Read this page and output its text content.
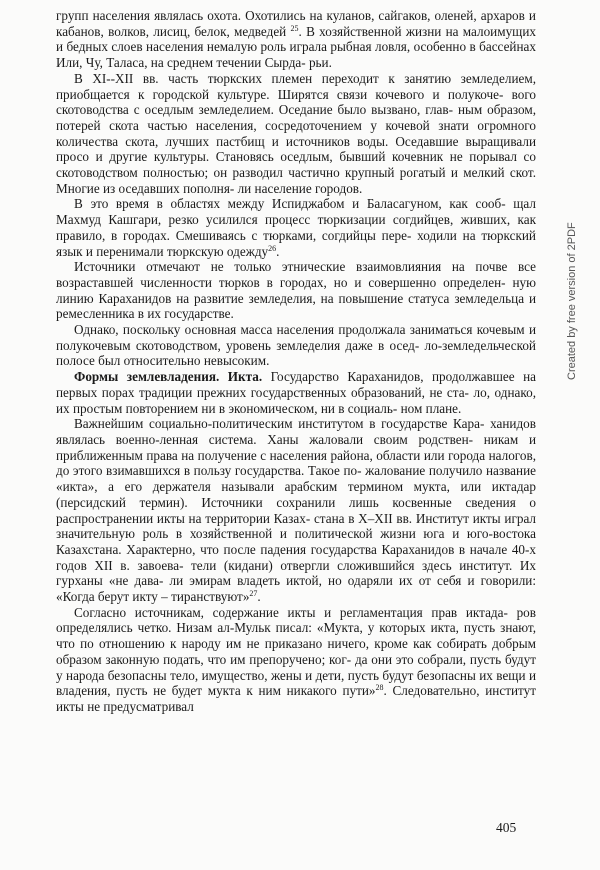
групп населения являлась охота. Охотились на куланов, сайгаков, оленей, архаров и кабанов, волков, лисиц, белок, медведей $^{25}$. В хозяйственной жизни на малоимущих и бедных слоев населения немалую роль играла рыбная ловля, особенно в бассейнах Или, Чу, Таласа, на среднем течении Сырда- рьи.

В XI--XII вв. часть тюркских племен переходит к занятию земледелием, приобщается к городской культуре. Ширятся связи кочевого и полукоче- вого скотоводства с оседлым земледелием. Оседание было вызвано, глав- ным образом, потерей скота частью населения, сосредоточением у кочевой знати огромного количества скота, лучших пастбищ и источников воды. Оседавшие выращивали просо и другие культуры. Становясь оседлым, бывший кочевник не порывал со скотоводством полностью; он разводил частично крупный рогатый и мелкий скот. Многие из оседавших пополня- ли население городов.

В это время в областях между Испиджабом и Баласагуном, как сооб- щал Махмуд Кашгари, резко усилился процесс тюркизации согдийцев, живших, как правило, в городах. Смешиваясь с тюрками, согдийцы пере- ходили на тюркский язык и перенимали тюркскую одежду$^{26}$.

Источники отмечают не только этнические взаимовлияния на почве все возраставшей численности тюрков в городах, но и совершенно определен- ную линию Караханидов на развитие земледелия, на повышение статуса земледельца и ремесленника в их государстве.

Однако, поскольку основная масса населения продолжала заниматься кочевым и полукочевым скотоводством, уровень земледелия даже в осед- ло-земледельческой полосе был относительно невысоким.

Формы землевладения. Икта. Государство Караханидов, продолжавшее на первых порах традиции прежних государственных образований, не ста- ло, однако, их простым повторением ни в экономическом, ни в социаль- ном плане.

Важнейшим социально-политическим институтом в государстве Кара- ханидов являлась военно-ленная система. Ханы жаловали своим родствен- никам и приближенным права на получение с населения района, области или города налогов, до этого взимавшихся в пользу государства. Такое по- жалование получило название «икта», а его держателя называли арабским термином мукта, или иктадар (персидский термин). Источники сохранили лишь косвенные сведения о распространении икты на территории Казах- стана в X–XII вв. Институт икты играл значительную роль в хозяйственной и политической жизни юга и юго-востока Казахстана. Характерно, что после падения государства Караханидов в начале 40-х годов XII в. завоева- тели (кидани) отвергли сложившийся здесь институт. Их гурханы «не дава- ли эмирам владеть иктой, но одаряли их от себя и говорили: «Когда берут икту – тиранствуют»$^{27}$.

Согласно источникам, содержание икты и регламентация прав иктада- ров определялись четко. Низам ал-Мульк писал: «Мукта, у которых икта, пусть знают, что по отношению к народу им не приказано ничего, кроме как собирать добрым образом законную подать, что им препоручено; ког- да они это собрали, пусть будут у народа безопасны тело, имущество, жены и дети, пусть будут безопасны их вещи и владения, пусть не будет мукта к ним никакого пути»$^{28}$. Следовательно, институт икты не предусматривал

Created by free version of 2PDF
405
